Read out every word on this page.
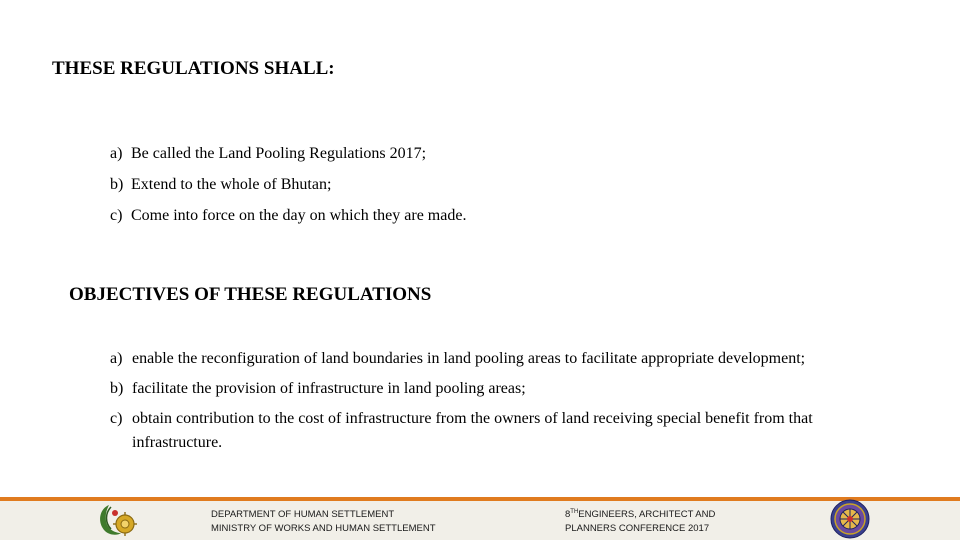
THESE REGULATIONS SHALL:
a) Be called the Land Pooling Regulations 2017;
b) Extend to the whole of Bhutan;
c) Come into force on the day on which they are made.
OBJECTIVES OF THESE REGULATIONS
a) enable the reconfiguration of land boundaries in land pooling areas to facilitate appropriate development;
b) facilitate the provision of infrastructure in land pooling areas;
c) obtain contribution to the cost of infrastructure from the owners of land receiving special benefit from that infrastructure.
DEPARTMENT OF HUMAN SETTLEMENT
MINISTRY OF WORKS AND HUMAN SETTLEMENT
8THENGINEERS, ARCHITECT AND
PLANNERS CONFERENCE 2017
